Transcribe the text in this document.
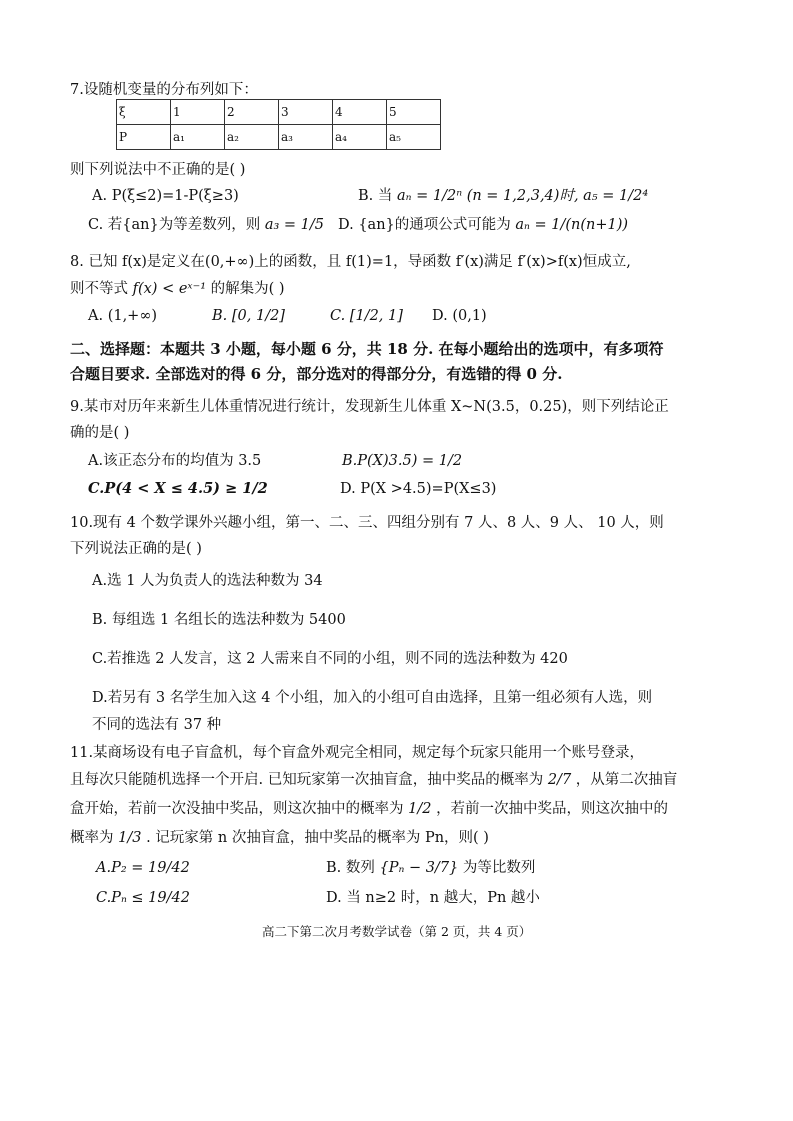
7.设随机变量的分布列如下：
ξ	1	2	3	4	5
P	a₁	a₂	a₃	a₄	a₅
则下列说法中不正确的是( )
A. P(ξ≤2)=1-P(ξ≥3)	B. 当 aₙ = 1/2ⁿ (n = 1,2,3,4)时, a₅ = 1/2⁴
C. 若{an}为等差数列，则 a₃ = 1/5 D. {an}的通项公式可能为 aₙ = 1/(n(n+1))
8. 已知 f(x)是定义在(0,+∞)上的函数，且 f(1)=1，导函数 f′(x)满足 f′(x)>f(x)恒成立,
则不等式 f(x) < eˣ⁻¹ 的解集为( )
A. (1,+∞)	B. [0, 1/2]	C. [1/2, 1] D. (0,1)
二、选择题：本题共 3 小题，每小题 6 分，共 18 分. 在每小题给出的选项中，有多项符
合题目要求. 全部选对的得 6 分，部分选对的得部分分，有选错的得 0 分.
9.某市对历年来新生儿体重情况进行统计，发现新生儿体重 X~N(3.5，0.25)，则下列结论正
确的是( )
A.该正态分布的均值为 3.5	B.P(X)3.5) = 1/2
C.P(4 < X ≤ 4.5) ≥ 1/2	D. P(X >4.5)=P(X≤3)
10.现有 4 个数学课外兴趣小组，第一、二、三、四组分别有 7 人、8 人、9 人、 10 人，则
下列说法正确的是( )
A.选 1 人为负责人的选法种数为 34
B. 每组选 1 名组长的选法种数为 5400
C.若推选 2 人发言，这 2 人需来自不同的小组，则不同的选法种数为 420
D.若另有 3 名学生加入这 4 个小组，加入的小组可自由选择，且第一组必须有人选，则
不同的选法有 37 种
11.某商场设有电子盲盒机，每个盲盒外观完全相同，规定每个玩家只能用一个账号登录，
且每次只能随机选择一个开启. 已知玩家第一次抽盲盒，抽中奖品的概率为 2/7 ，从第二次抽盲
盒开始，若前一次没抽中奖品，则这次抽中的概率为 1/2 ，若前一次抽中奖品，则这次抽中的
概率为 1/3 . 记玩家第 n 次抽盲盒，抽中奖品的概率为 Pn，则( )
A.P₂ = 19/42	B. 数列 {Pₙ − 3/7} 为等比数列
C.Pₙ ≤ 19/42	D. 当 n≥2 时，n 越大，Pn 越小
高二下第二次月考数学试卷（第 2 页，共 4 页）
